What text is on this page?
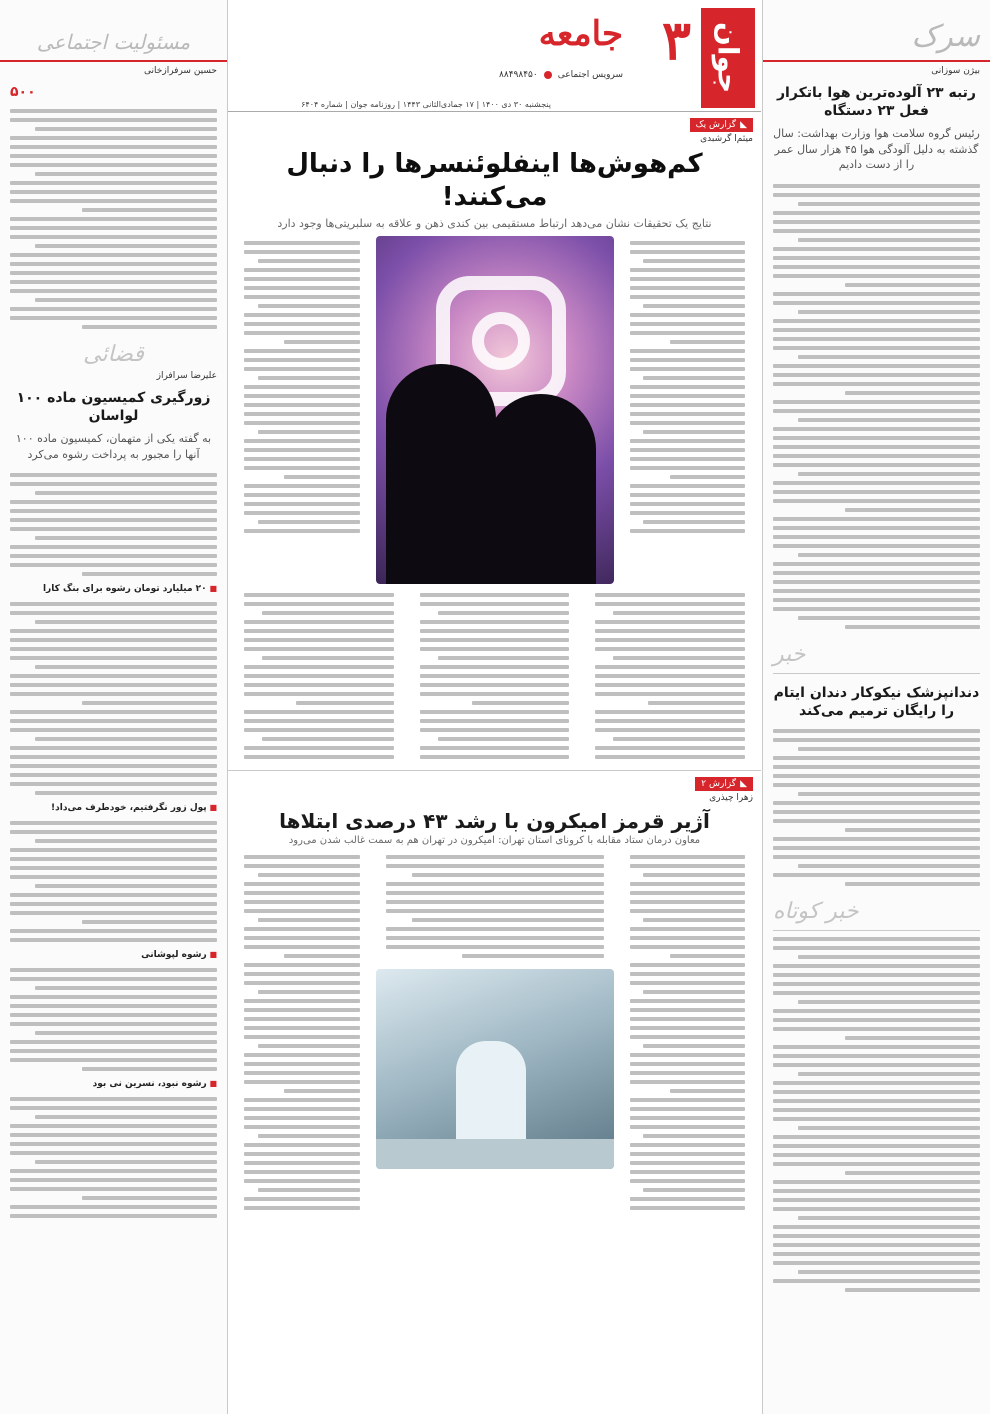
سرک
بیژن سوزانی
رتبه ۲۳ آلوده‌ترین هوا باتکرار فعل ۲۳ دستگاه
رئیس گروه سلامت هوا وزارت بهداشت: سال گذشته به دلیل آلودگی هوا ۴۵ هزار سال عمر را از دست دادیم
خبر
دندانپزشک نیکوکار دندان ایتام را رایگان ترمیم می‌کند
خبر کوتاه
جوان
۳
جامعه
سرویس اجتماعی
۸۸۴۹۸۴۵۰
پنجشنبه ۳۰ دی ۱۴۰۰ | ۱۷ جمادی‌الثانی ۱۴۴۳ | روزنامه جوان | شماره ۶۴۰۴
◣
گزارش یک
میثم‌ا گرشبدی
کم‌هوش‌ها اینفلوئنسرها را دنبال می‌کنند!
نتایج یک تحقیقات نشان می‌دهد ارتباط مستقیمی بین کندی ذهن و علاقه به سلبریتی‌ها وجود دارد
◣
گزارش ۲
زهرا چیذری
آژیر قرمز امیکرون با رشد ۴۳ درصدی ابتلاها
معاون درمان ستاد مقابله با کرونای استان تهران: امیکرون در تهران هم به سمت غالب شدن می‌رود
مسئولیت اجتماعی
حسین سرفرازخانی
۵۰۰
قضائی
علیرضا سرافراز
زورگیری کمیسیون ماده ۱۰۰ لواسان
به گفته یکی از متهمان، کمیسیون ماده ۱۰۰ آنها را مجبور به پرداخت رشوه می‌کرد
■ ۲۰ میلیارد تومان رشوه برای بنگ کارا
■ پول زور نگرفتیم، خودطرف می‌داد!
■ رشوه لپوشانی
■ رشوه نبود، نسرین نی بود
